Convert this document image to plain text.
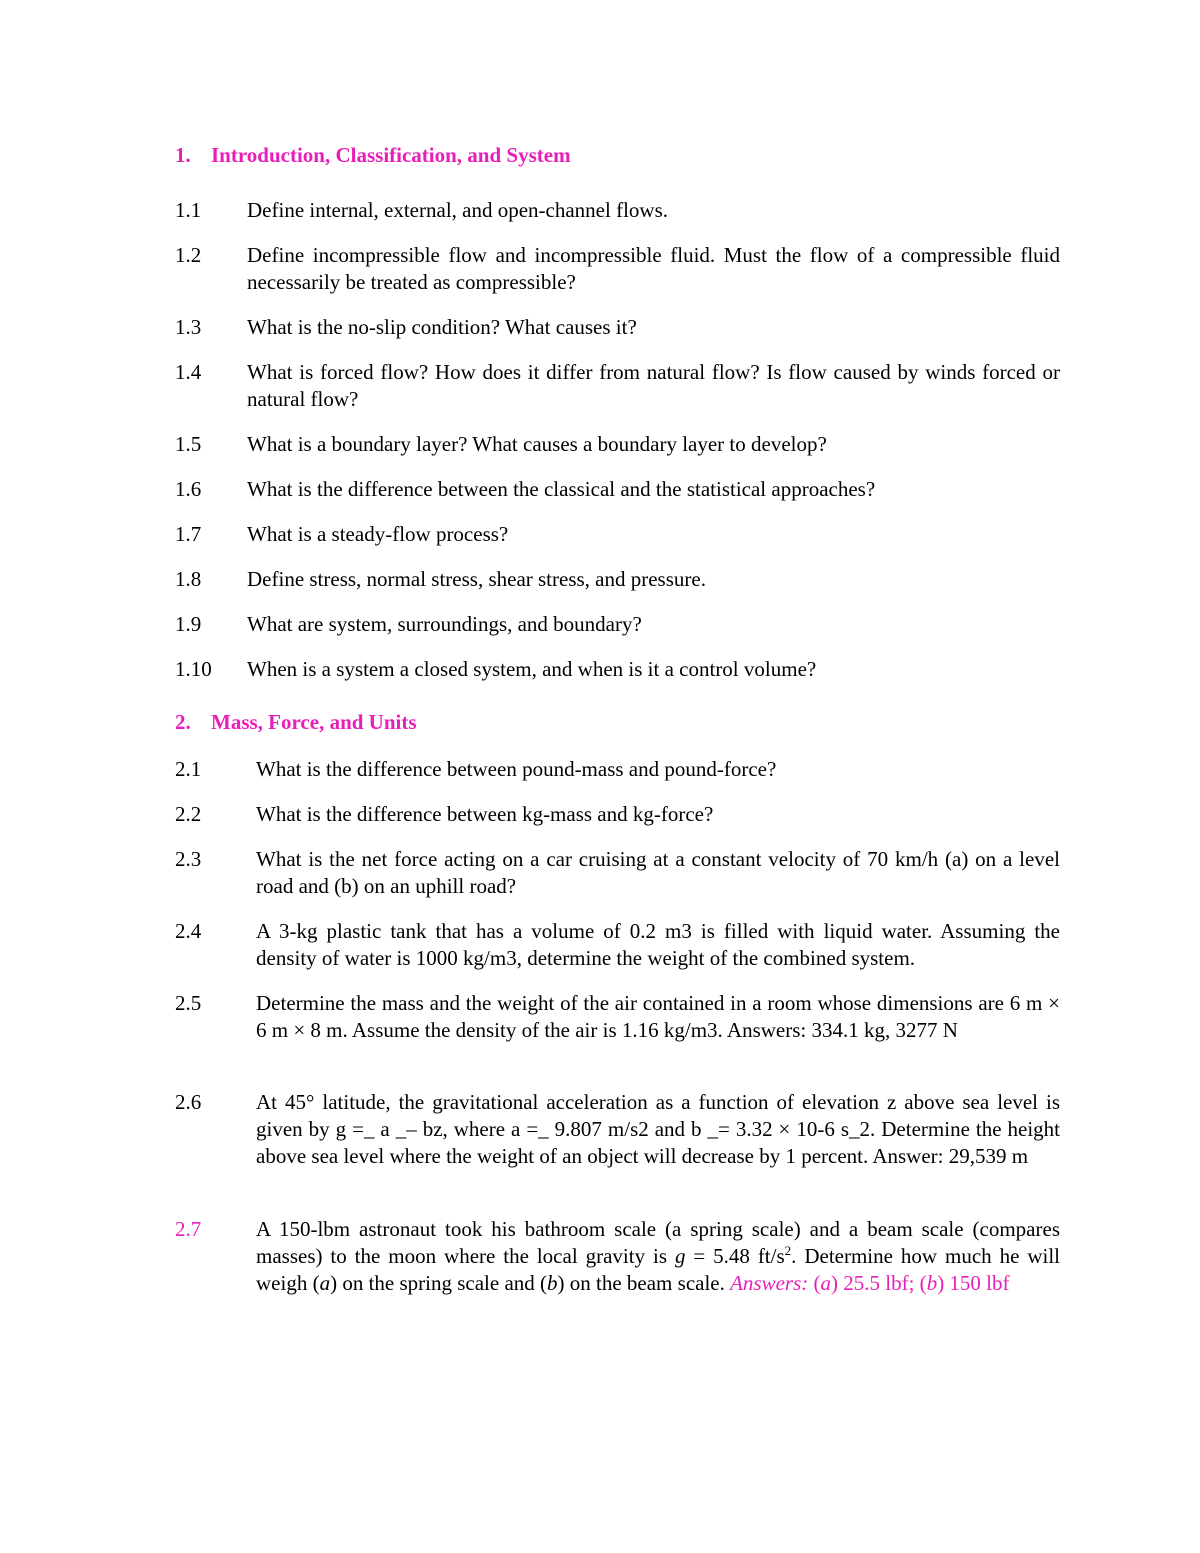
1. Introduction, Classification, and System
1.1 Define internal, external, and open-channel flows.
1.2 Define incompressible flow and incompressible fluid. Must the flow of a compressible fluid necessarily be treated as compressible?
1.3 What is the no-slip condition? What causes it?
1.4 What is forced flow? How does it differ from natural flow? Is flow caused by winds forced or natural flow?
1.5 What is a boundary layer? What causes a boundary layer to develop?
1.6 What is the difference between the classical and the statistical approaches?
1.7 What is a steady-flow process?
1.8 Define stress, normal stress, shear stress, and pressure.
1.9 What are system, surroundings, and boundary?
1.10 When is a system a closed system, and when is it a control volume?
2. Mass, Force, and Units
2.1	What is the difference between pound-mass and pound-force?
2.2	What is the difference between kg-mass and kg-force?
2.3	What is the net force acting on a car cruising at a constant velocity of 70 km/h (a) on a level road and (b) on an uphill road?
2.4	A 3-kg plastic tank that has a volume of 0.2 m3 is filled with liquid water. Assuming the density of water is 1000 kg/m3, determine the weight of the combined system.
2.5	Determine the mass and the weight of the air contained in a room whose dimensions are 6 m × 6 m × 8 m. Assume the density of the air is 1.16 kg/m3. Answers: 334.1 kg, 3277 N
2.6	At 45° latitude, the gravitational acceleration as a function of elevation z above sea level is given by g =_ a _– bz, where a =_ 9.807 m/s2 and b _= 3.32 × 10-6 s_2. Determine the height above sea level where the weight of an object will decrease by 1 percent. Answer: 29,539 m
2.7	A 150-lbm astronaut took his bathroom scale (a spring scale) and a beam scale (compares masses) to the moon where the local gravity is g = 5.48 $ft/s^2$. Determine how much he will weigh (a) on the spring scale and (b) on the beam scale. Answers: (a) 25.5 lbf; (b) 150 lbf
